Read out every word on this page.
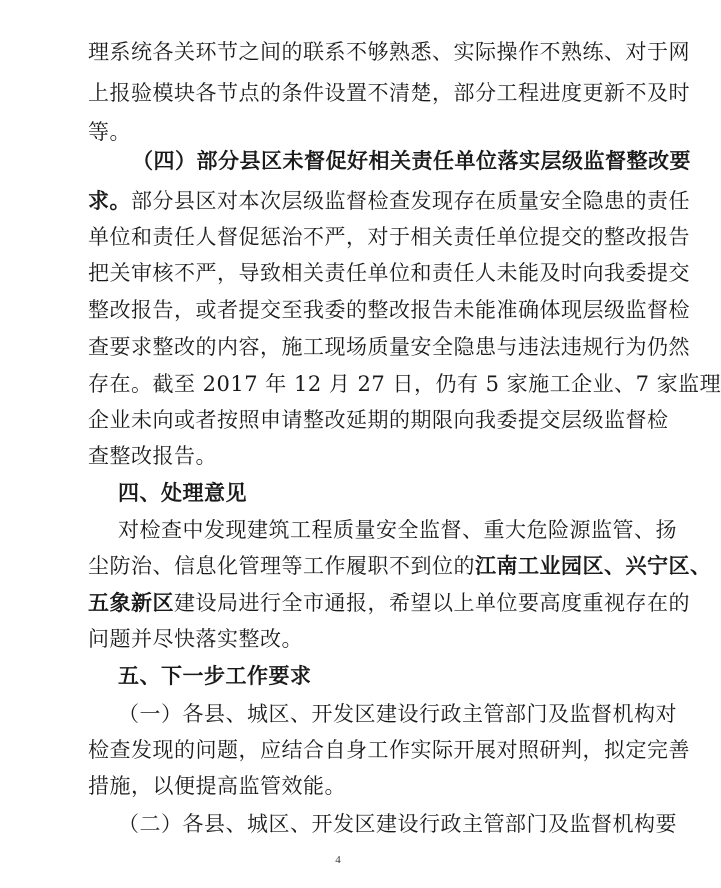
理系统各关环节之间的联系不够熟悉、实际操作不熟练、对于网
上报验模块各节点的条件设置不清楚，部分工程进度更新不及时
等。
（四）部分县区未督促好相关责任单位落实层级监督整改要
求。部分县区对本次层级监督检查发现存在质量安全隐患的责任
单位和责任人督促惩治不严，对于相关责任单位提交的整改报告
把关审核不严，导致相关责任单位和责任人未能及时向我委提交
整改报告，或者提交至我委的整改报告未能准确体现层级监督检
查要求整改的内容，施工现场质量安全隐患与违法违规行为仍然
存在。截至 2017 年 12 月 27 日，仍有 5 家施工企业、7 家监理
企业未向或者按照申请整改延期的期限向我委提交层级监督检
查整改报告。
四、处理意见
对检查中发现建筑工程质量安全监督、重大危险源监管、扬
尘防治、信息化管理等工作履职不到位的江南工业园区、兴宁区、
五象新区建设局进行全市通报，希望以上单位要高度重视存在的
问题并尽快落实整改。
五、下一步工作要求
（一）各县、城区、开发区建设行政主管部门及监督机构对
检查发现的问题，应结合自身工作实际开展对照研判，拟定完善
措施，以便提高监管效能。
（二）各县、城区、开发区建设行政主管部门及监督机构要
4
